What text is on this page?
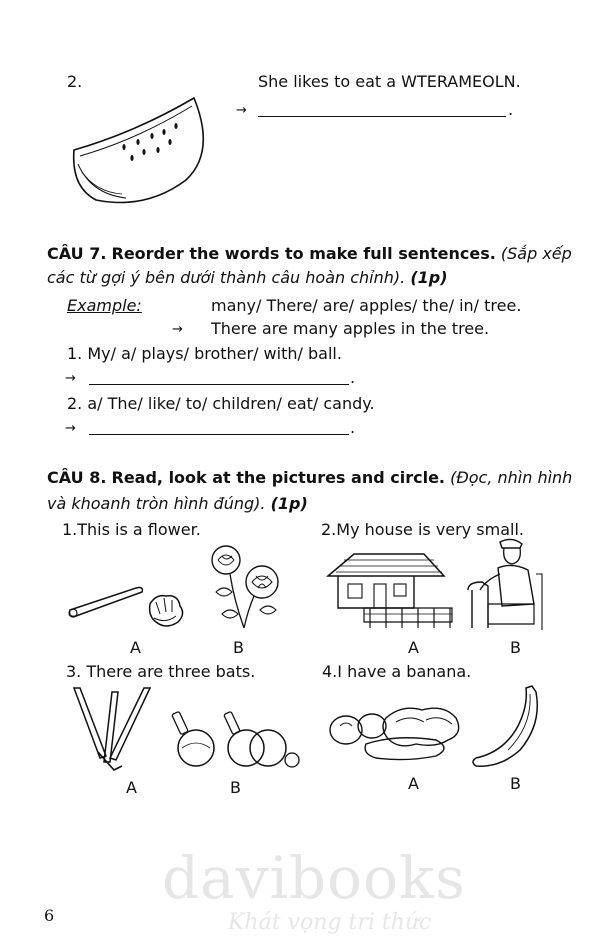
2.	She likes to eat a WTERAMEOLN.
→	.
CÂU 7. Reorder the words to make full sentences. (Sắp xếp
các từ gợi ý bên dưới thành câu hoàn chỉnh). (1p)
Example:	many/ There/ are/ apples/ the/ in/ tree.
→ There are many apples in the tree.
1. My/ a/ plays/ brother/ with/ ball.
→	.
2. a/ The/ like/ to/ children/ eat/ candy.
→	.
CÂU 8. Read, look at the pictures and circle. (Đọc, nhìn hình
và khoanh tròn hình đúng). (1p)
1.This is a flower.
A	B
2.My house is very small.
A	B
3. There are three bats.
A	B
4.I have a banana.
A	B
6
davibooks
Khát vọng tri thức
